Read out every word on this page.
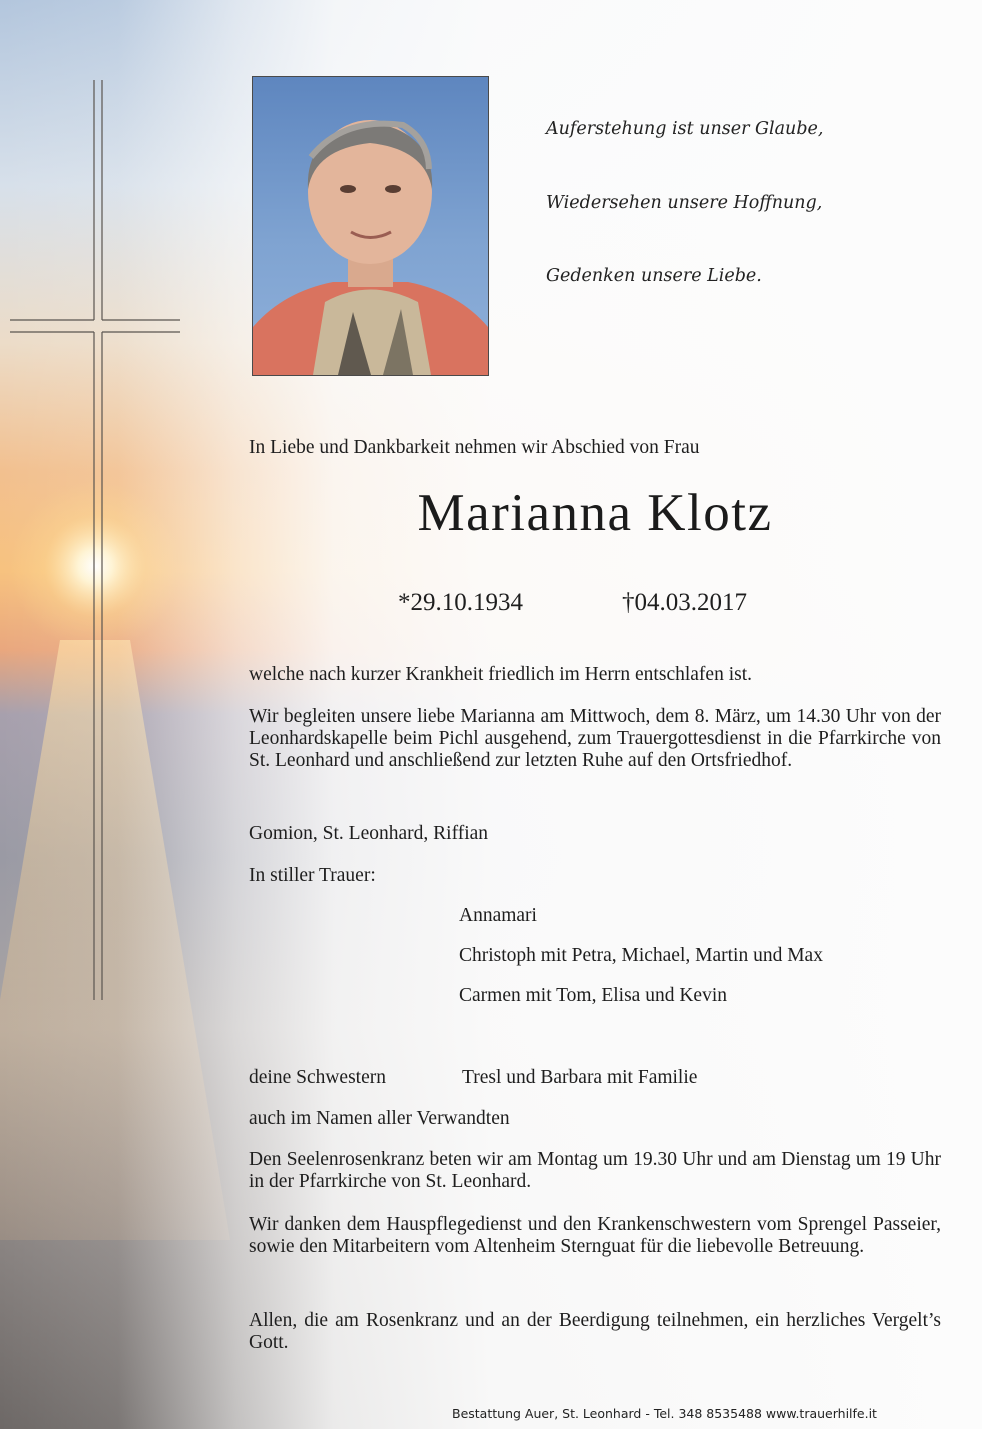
Auferstehung ist unser Glaube,
Wiedersehen unsere Hoffnung,
Gedenken unsere Liebe.
In Liebe und Dankbarkeit nehmen wir Abschied von Frau
Marianna Klotz
*29.10.1934	†04.03.2017
welche nach kurzer Krankheit friedlich im Herrn entschlafen ist.
Wir begleiten unsere liebe Marianna am Mittwoch, dem 8. März, um 14.30 Uhr von der Leonhardskapelle beim Pichl ausgehend, zum Trauergottesdienst in die Pfarrkirche von St. Leonhard und anschließend zur letzten Ruhe auf den Ortsfriedhof.
Gomion, St. Leonhard, Riffian
In stiller Trauer:
Annamari
Christoph mit Petra, Michael, Martin und Max
Carmen mit Tom, Elisa und Kevin
deine Schwestern	Tresl und Barbara mit Familie
auch im Namen aller Verwandten
Den Seelenrosenkranz beten wir am Montag um 19.30 Uhr und am Dienstag um 19 Uhr in der Pfarrkirche von St. Leonhard.
Wir danken dem Hauspflegedienst und den Krankenschwestern vom Sprengel Passeier, sowie den Mitarbeitern vom Altenheim Sternguat für die liebevolle Betreuung.
Allen, die am Rosenkranz und an der Beerdigung teilnehmen, ein herzliches Vergelt’s Gott.
Bestattung Auer, St. Leonhard - Tel. 348 8535488 www.trauerhilfe.it
